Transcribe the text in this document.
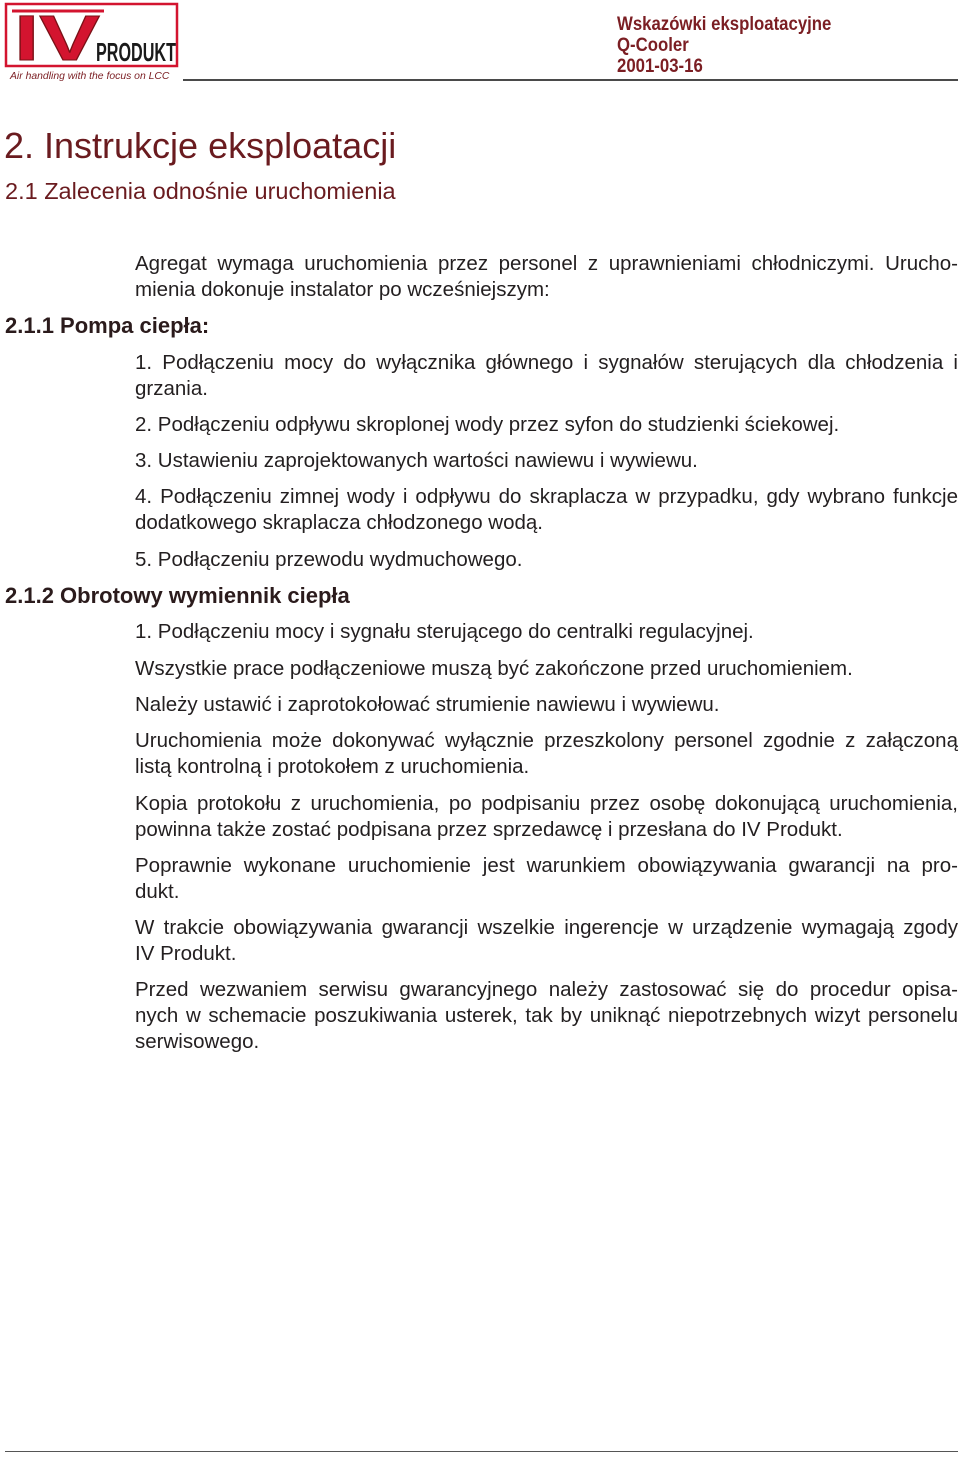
IV
PRODUKT
Air handling with the focus on LCC
Wskazówki eksploatacyjne
Q-Cooler
2001-03-16
2. Instrukcje eksploatacji
2.1 Zalecenia odnośnie uruchomienia
Agregat wymaga uruchomienia przez personel z uprawnieniami chłodniczymi. Urucho-
mienia dokonuje instalator po wcześniejszym:
2.1.1 Pompa ciepła:
1. Podłączeniu mocy do wyłącznika głównego i sygnałów sterujących dla chłodzenia i
grzania.
2. Podłączeniu odpływu skroplonej wody przez syfon do studzienki ściekowej.
3. Ustawieniu zaprojektowanych wartości nawiewu i wywiewu.
4. Podłączeniu zimnej wody i odpływu do skraplacza w przypadku, gdy wybrano funkcje
dodatkowego skraplacza chłodzonego wodą.
5. Podłączeniu przewodu wydmuchowego.
2.1.2 Obrotowy wymiennik ciepła
1. Podłączeniu mocy i sygnału sterującego do centralki regulacyjnej.
Wszystkie prace podłączeniowe muszą być zakończone przed uruchomieniem.
Należy ustawić i zaprotokołować strumienie nawiewu i wywiewu.
Uruchomienia może dokonywać wyłącznie przeszkolony personel zgodnie z załączoną
listą kontrolną i protokołem z uruchomienia.
Kopia protokołu z uruchomienia, po podpisaniu przez osobę dokonującą uruchomienia,
powinna także zostać podpisana przez sprzedawcę i przesłana do IV Produkt.
Poprawnie wykonane uruchomienie jest warunkiem obowiązywania gwarancji na pro-
dukt.
W trakcie obowiązywania gwarancji wszelkie ingerencje w urządzenie wymagają zgody
IV Produkt.
Przed wezwaniem serwisu gwarancyjnego należy zastosować się do procedur opisa-
nych w schemacie poszukiwania usterek, tak by uniknąć niepotrzebnych wizyt personelu
serwisowego.
